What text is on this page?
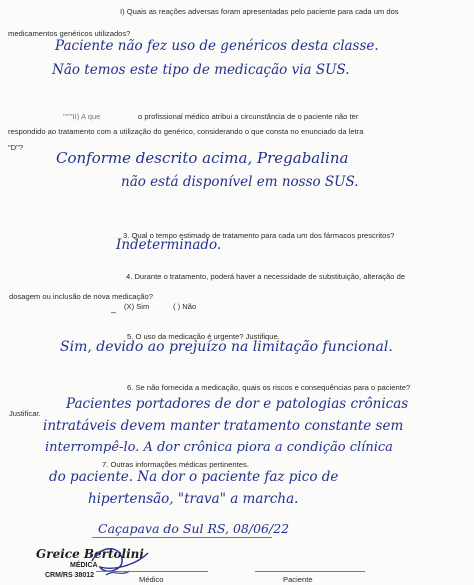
I) Quais as reações adversas foram apresentadas pelo paciente para cada um dos
medicamentos genéricos utilizados?
Paciente não fez uso de genéricos desta classe.
Não temos este tipo de medicação via SUS.
"""'II) A que	o profissional médico atribui a circunstância de o paciente não ter
respondido ao tratamento com a utilização do genérico, considerando o que consta no enunciado da letra
"D"?
Conforme descrito acima, Pregabalina
não está disponível em nosso SUS.
3. Qual o tempo estimado de tratamento para cada um dos fármacos prescritos?
Indeterminado.
4. Durante o tratamento, poderá haver a necessidade de substituição, alteração de
dosagem ou inclusão de nova medicação?
_ (X) Sim	( ) Não
5. O uso da medicação é urgente? Justifique.
Sim, devido ao prejuízo na limitação funcional.
6. Se não fornecida a medicação, quais os riscos e consequências para o paciente?
Justificar.
Pacientes portadores de dor e patologias crônicas
intratáveis devem manter tratamento constante sem
interrompê-lo. A dor crônica piora a condição clínica
7. Outras informações médicas pertinentes.
do paciente. Na dor o paciente faz pico de
hipertensão, "trava" a marcha.
Caçapava do Sul RS, 08/06/22
Greice Bertolini
MÉDICA
CRM/RS 38012	Médico	Paciente
